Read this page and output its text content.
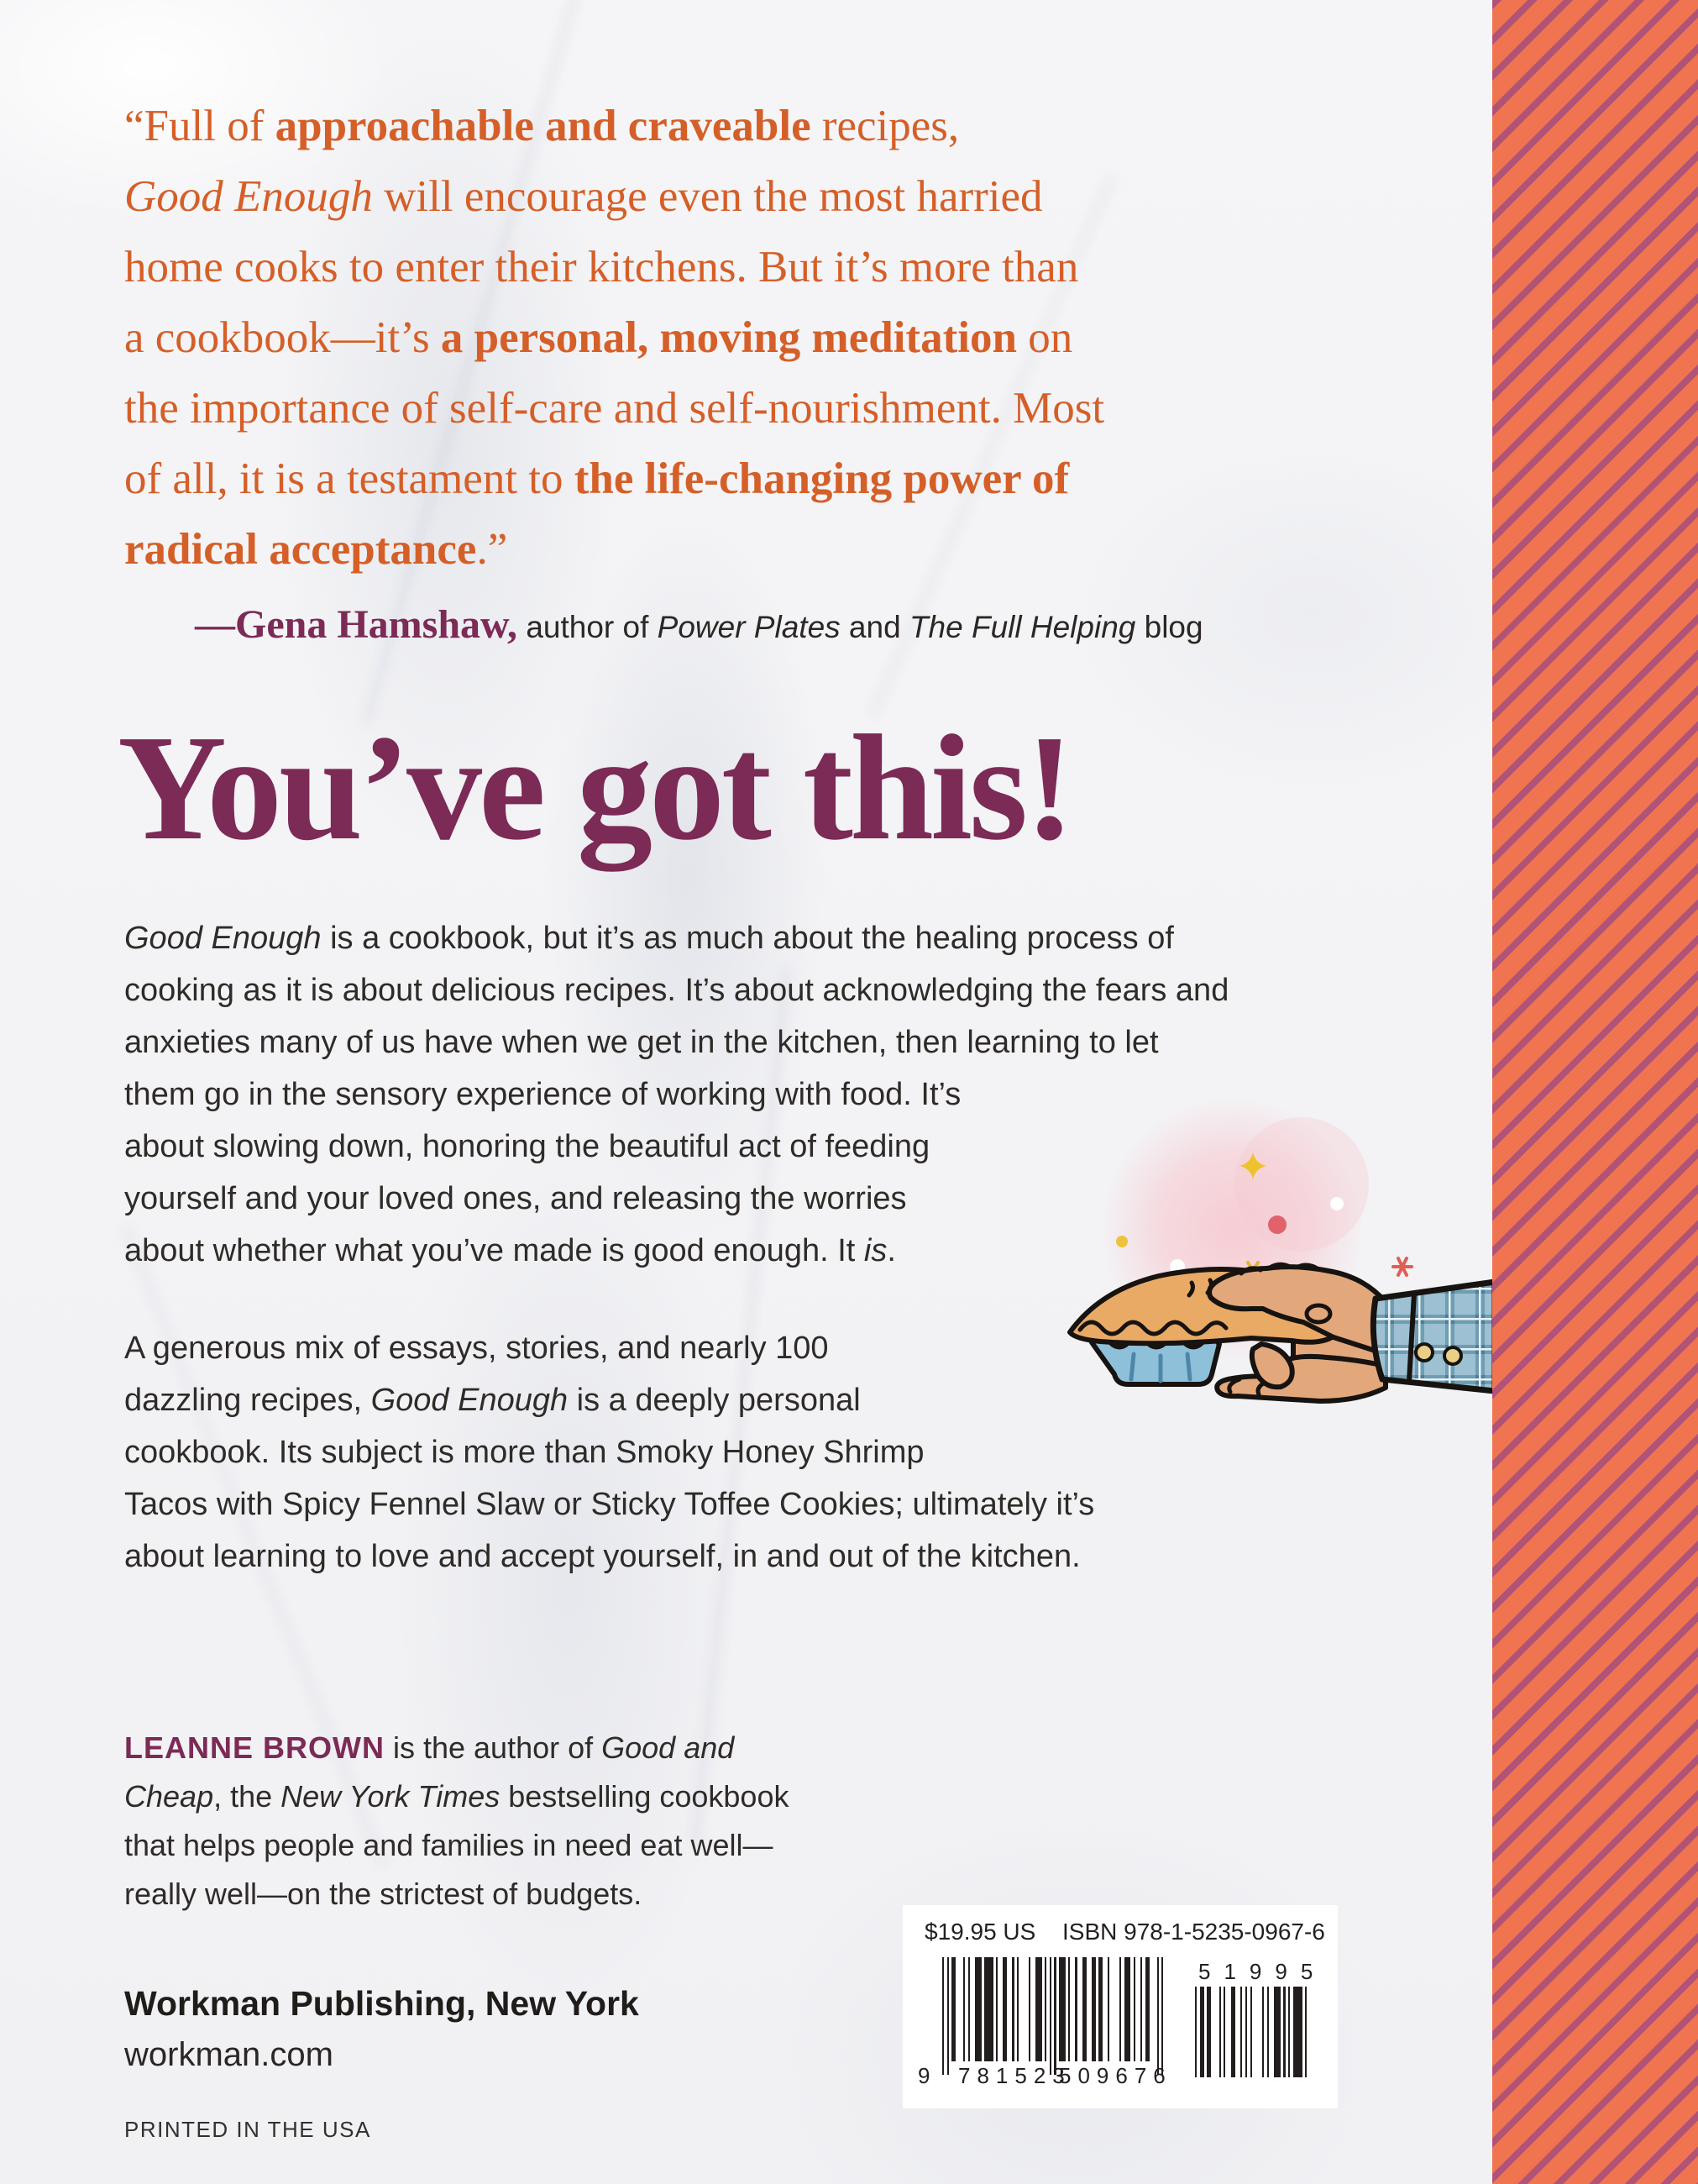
“Full of approachable and craveable recipes,
Good Enough will encourage even the most harried
home cooks to enter their kitchens. But it’s more than
a cookbook—it’s a personal, moving meditation on
the importance of self-care and self-nourishment. Most
of all, it is a testament to the life-changing power of
radical acceptance.”
—Gena Hamshaw, author of Power Plates and The Full Helping blog
You’ve got this!

Good Enough is a cookbook, but it’s as much about the healing process of
cooking as it is about delicious recipes. It’s about acknowledging the fears and
anxieties many of us have when we get in the kitchen, then learning to let
them go in the sensory experience of working with food. It’s
about slowing down, honoring the beautiful act of feeding
yourself and your loved ones, and releasing the worries
about whether what you’ve made is good enough. It is.

A generous mix of essays, stories, and nearly 100
dazzling recipes, Good Enough is a deeply personal
cookbook. Its subject is more than Smoky Honey Shrimp
Tacos with Spicy Fennel Slaw or Sticky Toffee Cookies; ultimately it’s
about learning to love and accept yourself, in and out of the kitchen.

LEANNE BROWN is the author of Good and
Cheap, the New York Times bestselling cookbook
that helps people and families in need eat well—
really well—on the strictest of budgets.

Workman Publishing, New York
workman.com
PRINTED IN THE USA
$19.95 US ISBN 978-1-5235-0967-6
9 781523
509676
51995
